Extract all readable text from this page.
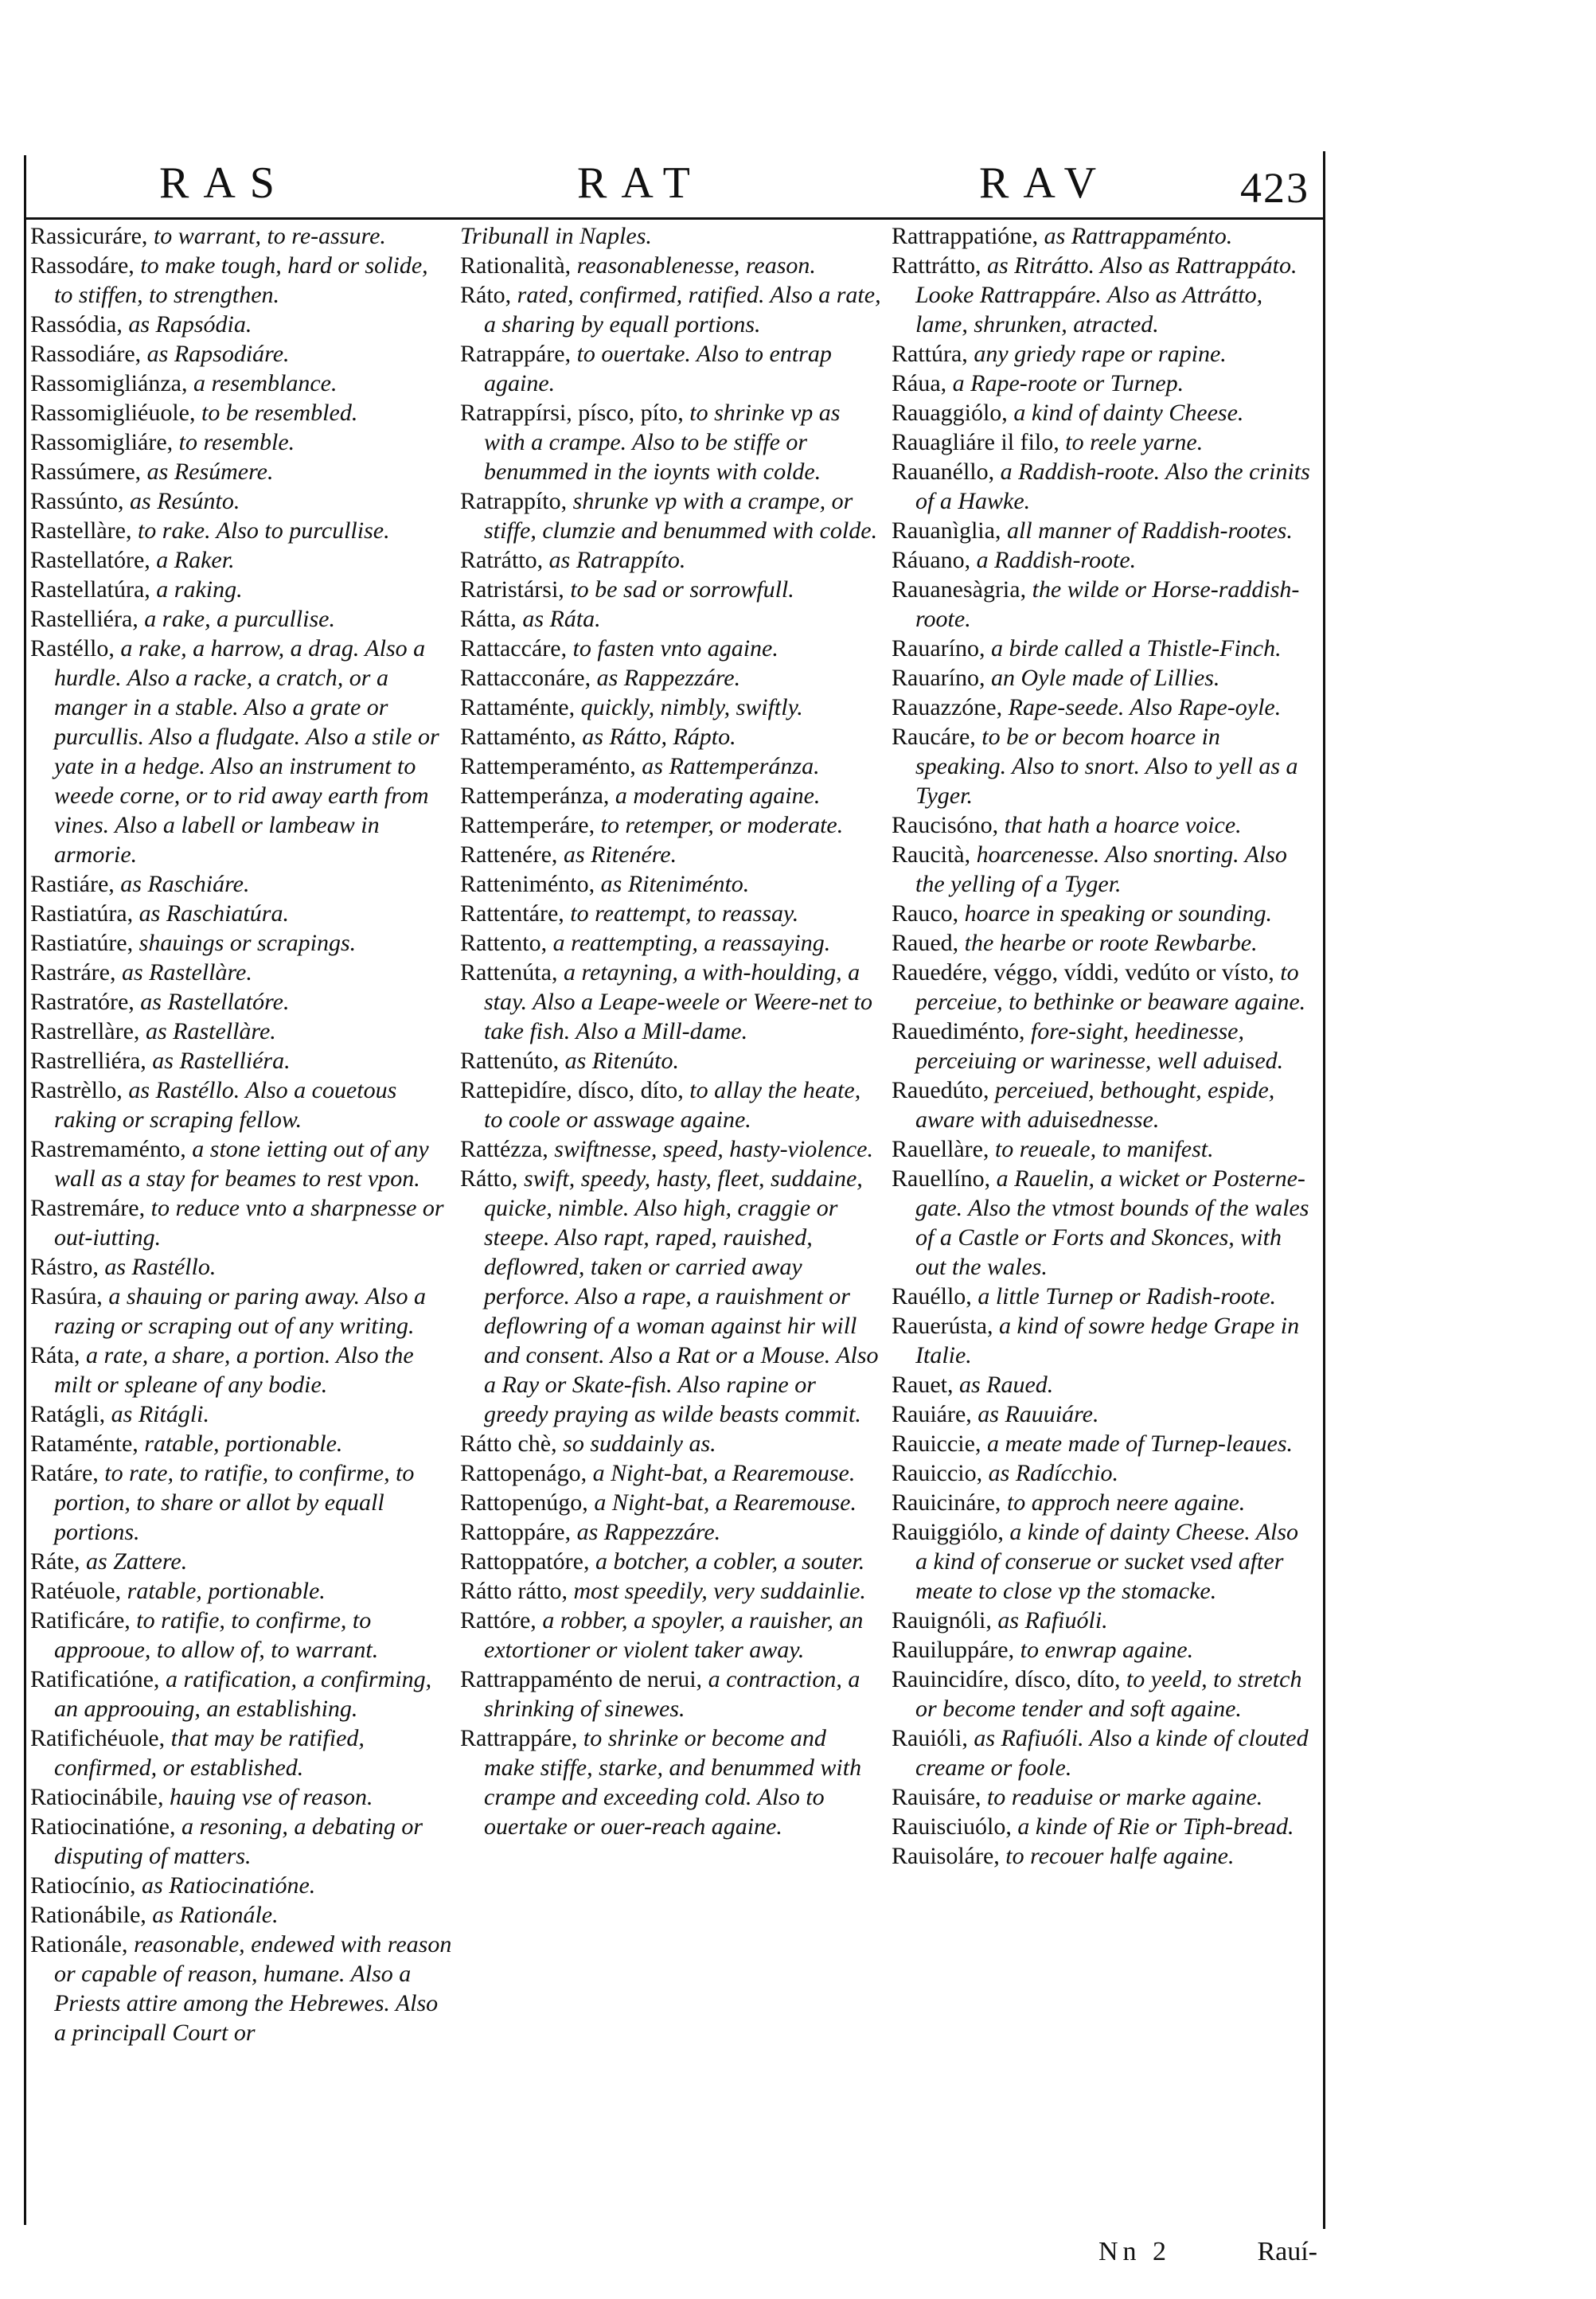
RAS	RAT	RAV	423
Rassicuráre, to warrant, to re-assure.
Rassodáre, to make tough, hard or solide, to stiffen, to strengthen.
Rassódia, as Rapsódia.
Rassodiáre, as Rapsodiáre.
Rassomigliánza, a resemblance.
Rassomigliéuole, to be resembled.
Rassomigliáre, to resemble.
Rassúmere, as Resúmere.
Rassúnto, as Resúnto.
Rastellàre, to rake. Also to purcullise.
Rastellatóre, a Raker.
Rastellatúra, a raking.
Rastelliéra, a rake, a purcullise.
Rastéllo, a rake, a harrow, a drag. Also a hurdle. Also a racke, a cratch, or a manger in a stable. Also a grate or purcullis. Also a fludgate. Also a stile or yate in a hedge. Also an instrument to weede corne, or to rid away earth from vines. Also a labell or lambeaw in armorie.
Rastiáre, as Raschiáre.
Rastiatúra, as Raschiatúra.
Rastiatúre, shauings or scrapings.
Rastráre, as Rastellàre.
Rastratóre, as Rastellatóre.
Rastrellàre, as Rastellàre.
Rastrelliéra, as Rastelliéra.
Rastrèllo, as Rastéllo. Also a couetous raking or scraping fellow.
Rastremaménto, a stone ietting out of any wall as a stay for beames to rest vpon.
Rastremáre, to reduce vnto a sharpnesse or out-iutting.
Rástro, as Rastéllo.
Rasúra, a shauing or paring away. Also a razing or scraping out of any writing.
Ráta, a rate, a share, a portion. Also the milt or spleane of any bodie.
Ratágli, as Ritágli.
Rataménte, ratable, portionable.
Ratáre, to rate, to ratifie, to confirme, to portion, to share or allot by equall portions.
Ráte, as Zattere.
Ratéuole, ratable, portionable.
Ratificáre, to ratifie, to confirme, to approoue, to allow of, to warrant.
Ratificatióne, a ratification, a confirming, an approouing, an establishing.
Ratifichéuole, that may be ratified, confirmed, or established.
Ratiocinábile, hauing vse of reason.
Ratiocinatióne, a resoning, a debating or disputing of matters.
Ratiocínio, as Ratiocinatióne.
Rationábile, as Rationále.
Rationále, reasonable, endewed with reason or capable of reason, humane. Also a Priests attire among the Hebrewes. Also a principall Court or
Tribunall in Naples.
Rationalità, reasonablenesse, reason.
Ráto, rated, confirmed, ratified. Also a rate, a sharing by equall portions.
Ratrappáre, to ouertake. Also to entrap againe.
Ratrappírsi, písco, píto, to shrinke vp as with a crampe. Also to be stiffe or benummed in the ioynts with colde.
Ratrappíto, shrunke vp with a crampe, or stiffe, clumzie and benummed with colde.
Ratrátto, as Ratrappíto.
Ratristársi, to be sad or sorrowfull.
Rátta, as Ráta.
Rattaccáre, to fasten vnto againe.
Rattacconáre, as Rappezzáre.
Rattaménte, quickly, nimbly, swiftly.
Rattaménto, as Rátto, Rápto.
Rattemperaménto, as Rattemperánza.
Rattemperánza, a moderating againe.
Rattemperáre, to retemper, or moderate.
Rattenére, as Ritenére.
Ratteniménto, as Riteniménto.
Rattentáre, to reattempt, to reassay.
Rattento, a reattempting, a reassaying.
Rattenúta, a retayning, a with-houlding, a stay. Also a Leape-weele or Weere-net to take fish. Also a Mill-dame.
Rattenúto, as Ritenúto.
Rattepidíre, dísco, díto, to allay the heate, to coole or asswage againe.
Rattézza, swiftnesse, speed, hasty-violence.
Rátto, swift, speedy, hasty, fleet, suddaine, quicke, nimble. Also high, craggie or steepe. Also rapt, raped, rauished, deflowred, taken or carried away perforce. Also a rape, a rauishment or deflowring of a woman against hir will and consent. Also a Rat or a Mouse. Also a Ray or Skate-fish. Also rapine or greedy praying as wilde beasts commit.
Rátto chè, so suddainly as.
Rattopenágo, a Night-bat, a Rearemouse.
Rattopenúgo, a Night-bat, a Rearemouse.
Rattoppáre, as Rappezzáre.
Rattoppatóre, a botcher, a cobler, a souter.
Rátto rátto, most speedily, very suddainlie.
Rattóre, a robber, a spoyler, a rauisher, an extortioner or violent taker away.
Rattrappaménto de nerui, a contraction, a shrinking of sinewes.
Rattrappáre, to shrinke or become and make stiffe, starke, and benummed with crampe and exceeding cold. Also to ouertake or ouer-reach againe.
Rattrappatióne, as Rattrappaménto.
Rattrátto, as Ritrátto. Also as Rattrappáto. Looke Rattrappáre. Also as Attrátto, lame, shrunken, atracted.
Rattúra, any griedy rape or rapine.
Ráua, a Rape-roote or Turnep.
Rauaggiólo, a kind of dainty Cheese.
Rauagliáre il filo, to reele yarne.
Rauanéllo, a Raddish-roote. Also the crinits of a Hawke.
Rauanìglia, all manner of Raddish-rootes.
Ráuano, a Raddish-roote.
Rauanesàgria, the wilde or Horse-raddish-roote.
Rauaríno, a birde called a Thistle-Finch.
Rauaríno, an Oyle made of Lillies.
Rauazzóne, Rape-seede. Also Rape-oyle.
Raucáre, to be or becom hoarce in speaking. Also to snort. Also to yell as a Tyger.
Raucisóno, that hath a hoarce voice.
Raucità, hoarcenesse. Also snorting. Also the yelling of a Tyger.
Rauco, hoarce in speaking or sounding.
Raued, the hearbe or roote Rewbarbe.
Rauedére, véggo, víddi, vedúto or vísto, to perceiue, to bethinke or beaware againe.
Rauediménto, fore-sight, heedinesse, perceiuing or warinesse, well aduised.
Rauedúto, perceiued, bethought, espide, aware with aduisednesse.
Rauellàre, to reueale, to manifest.
Rauellíno, a Rauelin, a wicket or Posterne-gate. Also the vtmost bounds of the wales of a Castle or Forts and Skonces, with out the wales.
Rauéllo, a little Turnep or Radish-roote.
Rauerústa, a kind of sowre hedge Grape in Italie.
Rauet, as Raued.
Rauiáre, as Rauuiáre.
Rauiccie, a meate made of Turnep-leaues.
Rauiccio, as Radícchio.
Rauicináre, to approch neere againe.
Rauiggiólo, a kinde of dainty Cheese. Also a kind of conserue or sucket vsed after meate to close vp the stomacke.
Rauignóli, as Rafiuóli.
Rauiluppáre, to enwrap againe.
Rauincidíre, dísco, díto, to yeeld, to stretch or become tender and soft againe.
Rauióli, as Rafiuóli. Also a kinde of clouted creame or foole.
Rauisáre, to readuise or marke againe.
Rauisciuólo, a kinde of Rie or Tiph-bread.
Rauisoláre, to recouer halfe againe.
Nn 2	Rauí-
